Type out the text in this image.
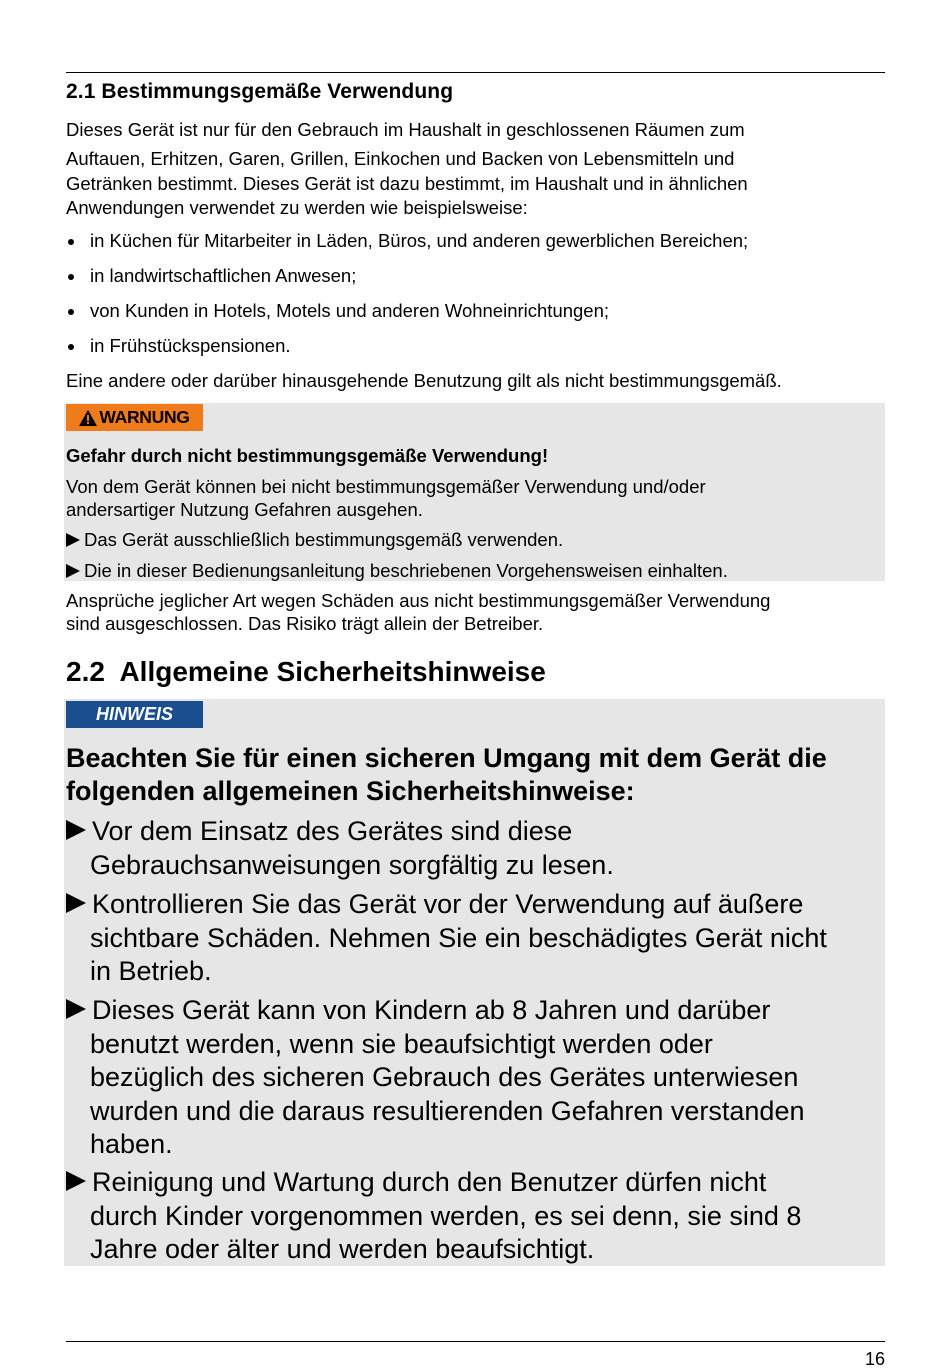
2.1 Bestimmungsgemäße Verwendung

Dieses Gerät ist nur für den Gebrauch im Haushalt in geschlossenen Räumen zum

Auftauen, Erhitzen, Garen, Grillen, Einkochen und Backen von Lebensmitteln und

Getränken bestimmt. Dieses Gerät ist dazu bestimmt, im Haushalt und in ähnlichen

Anwendungen verwendet zu werden wie beispielsweise:

in Küchen für Mitarbeiter in Läden, Büros, und anderen gewerblichen Bereichen;
in landwirtschaftlichen Anwesen;
von Kunden in Hotels, Motels und anderen Wohneinrichtungen;
in Frühstückspensionen.

Eine andere oder darüber hinausgehende Benutzung gilt als nicht bestimmungsgemäß.

WARNUNG

Gefahr durch nicht bestimmungsgemäße Verwendung!

Von dem Gerät können bei nicht bestimmungsgemäßer Verwendung und/oder

andersartiger Nutzung Gefahren ausgehen.

Das Gerät ausschließlich bestimmungsgemäß verwenden.

Die in dieser Bedienungsanleitung beschriebenen Vorgehensweisen einhalten.

Ansprüche jeglicher Art wegen Schäden aus nicht bestimmungsgemäßer Verwendung

sind ausgeschlossen. Das Risiko trägt allein der Betreiber.

2.2  Allgemeine Sicherheitshinweise
HINWEIS

Beachten Sie für einen sicheren Umgang mit dem Gerät die
folgenden allgemeinen Sicherheitshinweise:

Vor dem Einsatz des Gerätes sind diese
Gebrauchsanweisungen sorgfältig zu lesen.

Kontrollieren Sie das Gerät vor der Verwendung auf äußere
sichtbare Schäden. Nehmen Sie ein beschädigtes Gerät nicht
in Betrieb.

Dieses Gerät kann von Kindern ab 8 Jahren und darüber
benutzt werden, wenn sie beaufsichtigt werden oder
bezüglich des sicheren Gebrauch des Gerätes unterwiesen
wurden und die daraus resultierenden Gefahren verstanden
haben.

Reinigung und Wartung durch den Benutzer dürfen nicht
durch Kinder vorgenommen werden, es sei denn, sie sind 8
Jahre oder älter und werden beaufsichtigt.

16
